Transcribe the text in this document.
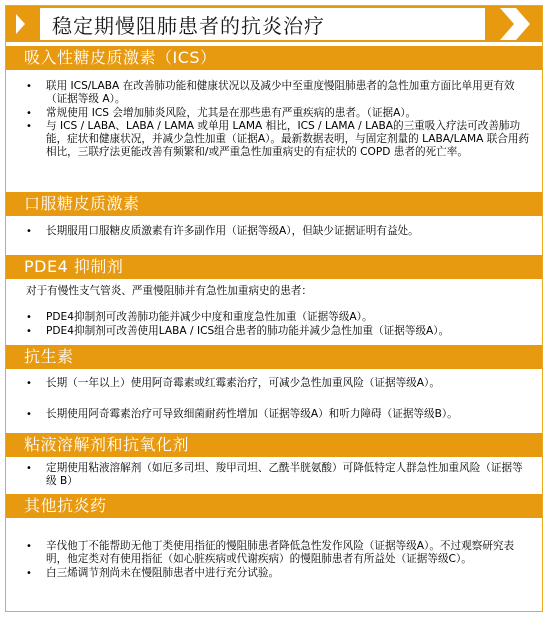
稳定期慢阻肺患者的抗炎治疗
吸入性糖皮质激素（ICS）
• 联用 ICS/LABA 在改善肺功能和健康状况以及减少中至重度慢阻肺患者的急性加重方面比单用更有效（证据等级 A）。
• 常规使用 ICS 会增加肺炎风险，尤其是在那些患有严重疾病的患者。（证据A）。
• 与 ICS / LABA、LABA / LAMA 或单用 LAMA 相比，ICS / LAMA / LABA的三重吸入疗法可改善肺功能，症状和健康状况，并减少急性加重（证据A）。最新数据表明，与固定剂量的 LABA/LAMA 联合用药相比，三联疗法更能改善有频繁和/或严重急性加重病史的有症状的 COPD 患者的死亡率。
口服糖皮质激素
• 长期服用口服糖皮质激素有许多副作用（证据等级A），但缺少证据证明有益处。
PDE4 抑制剂
对于有慢性支气管炎、严重慢阻肺并有急性加重病史的患者：
• PDE4抑制剂可改善肺功能并减少中度和重度急性加重（证据等级A）。
• PDE4抑制剂可改善使用LABA / ICS组合患者的肺功能并减少急性加重（证据等级A）。
抗生素
• 长期（一年以上）使用阿奇霉素或红霉素治疗，可减少急性加重风险（证据等级A）。
• 长期使用阿奇霉素治疗可导致细菌耐药性增加（证据等级A）和听力障碍（证据等级B）。
粘液溶解剂和抗氧化剂
• 定期使用粘液溶解剂（如厄多司坦、羧甲司坦、乙酰半胱氨酸）可降低特定人群急性加重风险（证据等级 B）
其他抗炎药
• 辛伐他丁不能帮助无他丁类使用指征的慢阻肺患者降低急性发作风险（证据等级A）。不过观察研究表明，他定类对有使用指征（如心脏疾病或代谢疾病）的慢阻肺患者有所益处（证据等级C）。
• 白三烯调节剂尚未在慢阻肺患者中进行充分试验。
